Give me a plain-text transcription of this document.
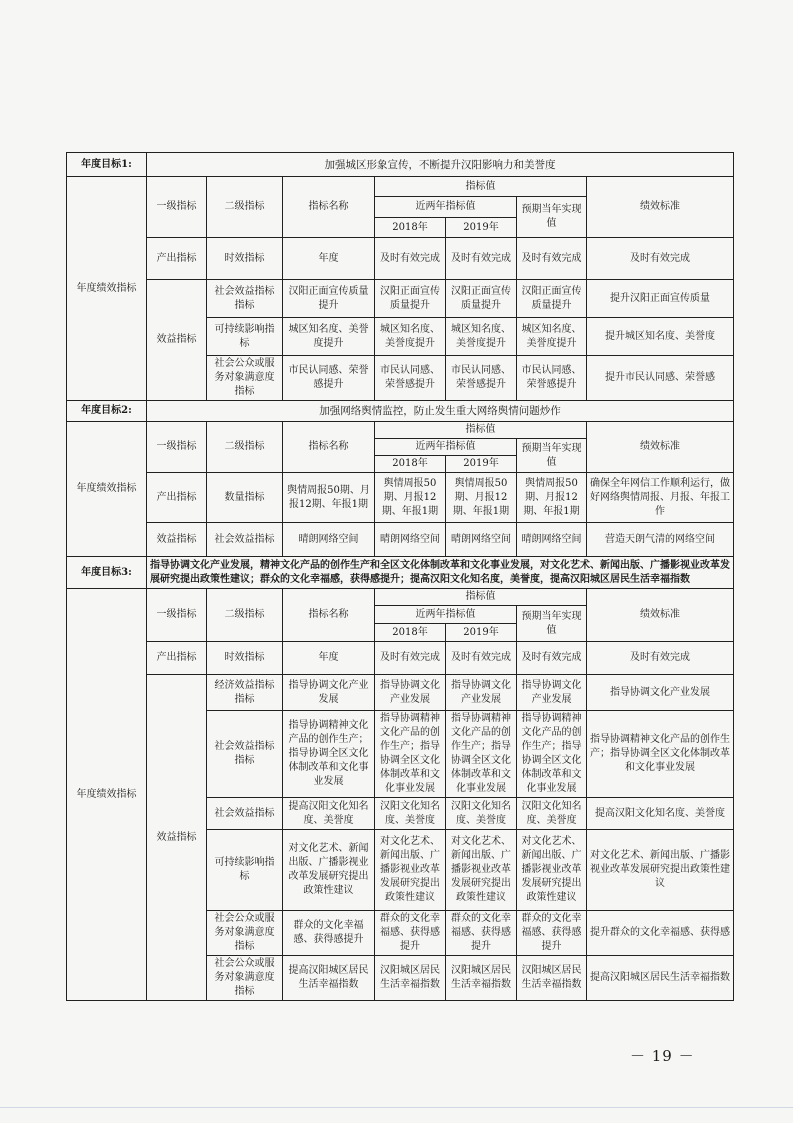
年度目标1:	加强城区形象宣传，不断提升汉阳影响力和美誉度						
年度绩效指标	一级指标	二级指标	指标名称	指标值			绩效标准
				近两年指标值		预期当年实现值	
				2018年	2019年		
	产出指标	时效指标	年度	及时有效完成	及时有效完成	及时有效完成	及时有效完成
	效益指标	社会效益指标指标	汉阳正面宣传质量提升	汉阳正面宣传质量提升	汉阳正面宣传质量提升	汉阳正面宣传质量提升	提升汉阳正面宣传质量
		可持续影响指标	城区知名度、美誉度提升	城区知名度、美誉度提升	城区知名度、美誉度提升	城区知名度、美誉度提升	提升城区知名度、美誉度
		社会公众或服务对象满意度指标	市民认同感、荣誉感提升	市民认同感、荣誉感提升	市民认同感、荣誉感提升	市民认同感、荣誉感提升	提升市民认同感、荣誉感
年度目标2:	加强网络舆情监控，防止发生重大网络舆情问题炒作						
年度绩效指标	一级指标	二级指标	指标名称	指标值			绩效标准
				近两年指标值		预期当年实现值	
				2018年	2019年		
	产出指标	数量指标	舆情周报50期、月报12期、年报1期	舆情周报50期、月报12期、年报1期	舆情周报50期、月报12期、年报1期	舆情周报50期、月报12期、年报1期	确保全年网信工作顺利运行，做好网络舆情周报、月报、年报工作
	效益指标	社会效益指标	晴朗网络空间	晴朗网络空间	晴朗网络空间	晴朗网络空间	营造天朗气清的网络空间
年度目标3:	指导协调文化产业发展，精神文化产品的创作生产和全区文化体制改革和文化事业发展，对文化艺术、新闻出版、广播影视业改革发展研究提出政策性建议；群众的文化幸福感，获得感提升；提高汉阳文化知名度，美誉度，提高汉阳城区居民生活幸福指数						
年度绩效指标	一级指标	二级指标	指标名称	指标值			绩效标准
				近两年指标值		预期当年实现值	
				2018年	2019年		
	产出指标	时效指标	年度	及时有效完成	及时有效完成	及时有效完成	及时有效完成
	效益指标	经济效益指标指标	指导协调文化产业发展	指导协调文化产业发展	指导协调文化产业发展	指导协调文化产业发展	指导协调文化产业发展
		社会效益指标指标	指导协调精神文化产品的创作生产；指导协调全区文化体制改革和文化事业发展	指导协调精神文化产品的创作生产；指导协调全区文化体制改革和文化事业发展	指导协调精神文化产品的创作生产；指导协调全区文化体制改革和文化事业发展	指导协调精神文化产品的创作生产；指导协调全区文化体制改革和文化事业发展	指导协调精神文化产品的创作生产；指导协调全区文化体制改革和文化事业发展
		社会效益指标	提高汉阳文化知名度、美誉度	汉阳文化知名度、美誉度	汉阳文化知名度、美誉度	汉阳文化知名度、美誉度	提高汉阳文化知名度、美誉度
		可持续影响指标	对文化艺术、新闻出版、广播影视业改革发展研究提出政策性建议	对文化艺术、新闻出版、广播影视业改革发展研究提出政策性建议	对文化艺术、新闻出版、广播影视业改革发展研究提出政策性建议	对文化艺术、新闻出版、广播影视业改革发展研究提出政策性建议	对文化艺术、新闻出版、广播影视业改革发展研究提出政策性建议
		社会公众或服务对象满意度指标	群众的文化幸福感、获得感提升	群众的文化幸福感、获得感提升	群众的文化幸福感、获得感提升	群众的文化幸福感、获得感提升	提升群众的文化幸福感、获得感
		社会公众或服务对象满意度指标	提高汉阳城区居民生活幸福指数	汉阳城区居民生活幸福指数	汉阳城区居民生活幸福指数	汉阳城区居民生活幸福指数	提高汉阳城区居民生活幸福指数
－ 19 －
